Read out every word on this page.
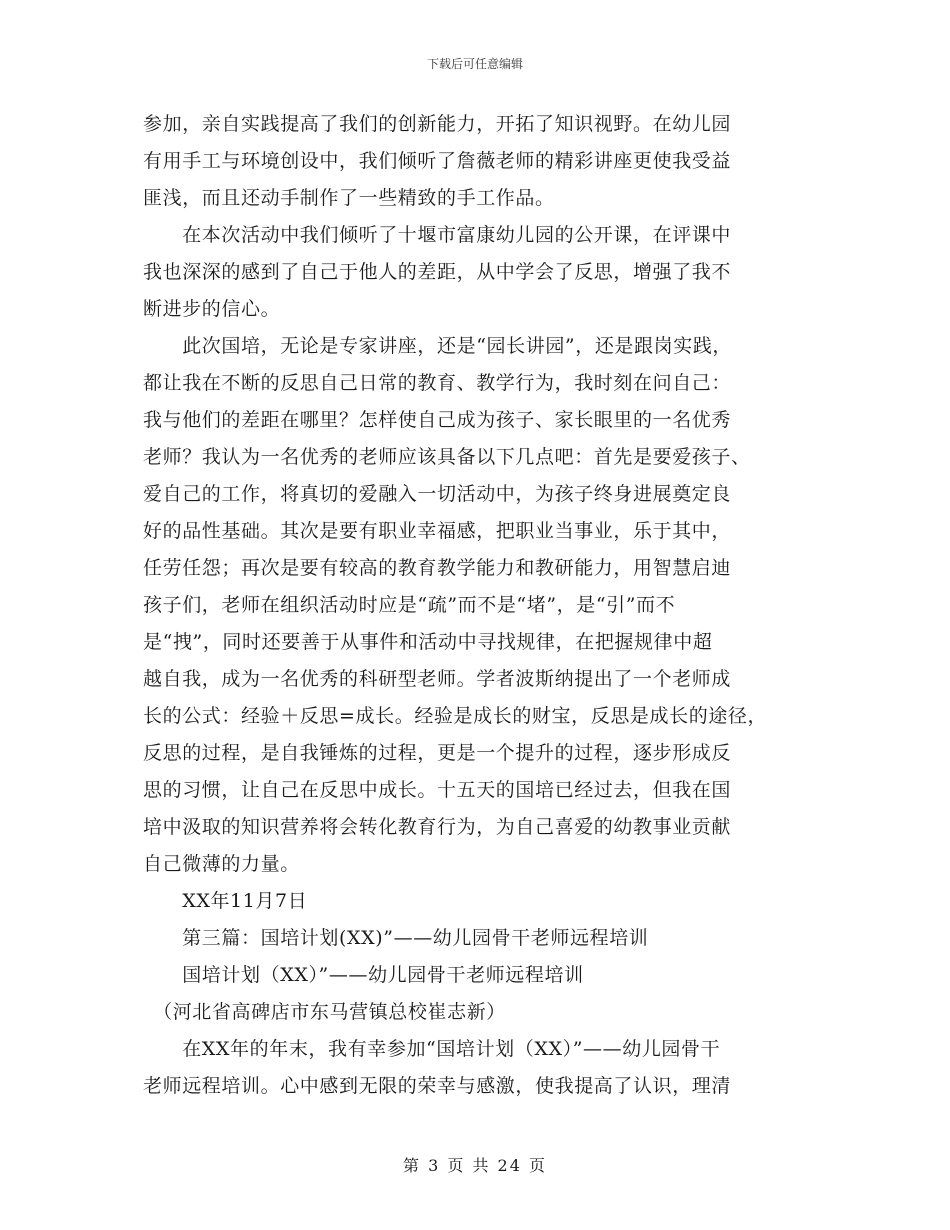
下载后可任意编辑
参加，亲自实践提高了我们的创新能力，开拓了知识视野。在幼儿园
有用手工与环境创设中，我们倾听了詹薇老师的精彩讲座更使我受益
匪浅，而且还动手制作了一些精致的手工作品。
　　在本次活动中我们倾听了十堰市富康幼儿园的公开课，在评课中
我也深深的感到了自己于他人的差距，从中学会了反思，增强了我不
断进步的信心。
　　此次国培，无论是专家讲座，还是“园长讲园”，还是跟岗实践，
都让我在不断的反思自己日常的教育、教学行为，我时刻在问自己：
我与他们的差距在哪里？怎样使自己成为孩子、家长眼里的一名优秀
老师？我认为一名优秀的老师应该具备以下几点吧：首先是要爱孩子、
爱自己的工作，将真切的爱融入一切活动中，为孩子终身进展奠定良
好的品性基础。其次是要有职业幸福感，把职业当事业，乐于其中，
任劳任怨；再次是要有较高的教育教学能力和教研能力，用智慧启迪
孩子们，老师在组织活动时应是“疏”而不是“堵”，是“引”而不
是“拽”，同时还要善于从事件和活动中寻找规律，在把握规律中超
越自我，成为一名优秀的科研型老师。学者波斯纳提出了一个老师成
长的公式：经验＋反思=成长。经验是成长的财宝，反思是成长的途径，
反思的过程，是自我锤炼的过程，更是一个提升的过程，逐步形成反
思的习惯，让自己在反思中成长。十五天的国培已经过去，但我在国
培中汲取的知识营养将会转化教育行为，为自己喜爱的幼教事业贡献
自己微薄的力量。
　　XX年11月7日
　　第三篇：国培计划(XX)”——幼儿园骨干老师远程培训
　　国培计划（XX）”——幼儿园骨干老师远程培训
　（河北省高碑店市东马营镇总校崔志新）
　　在XX年的年末，我有幸参加“国培计划（XX）”——幼儿园骨干
老师远程培训。心中感到无限的荣幸与感激，使我提高了认识，理清
第 3 页 共 24 页
